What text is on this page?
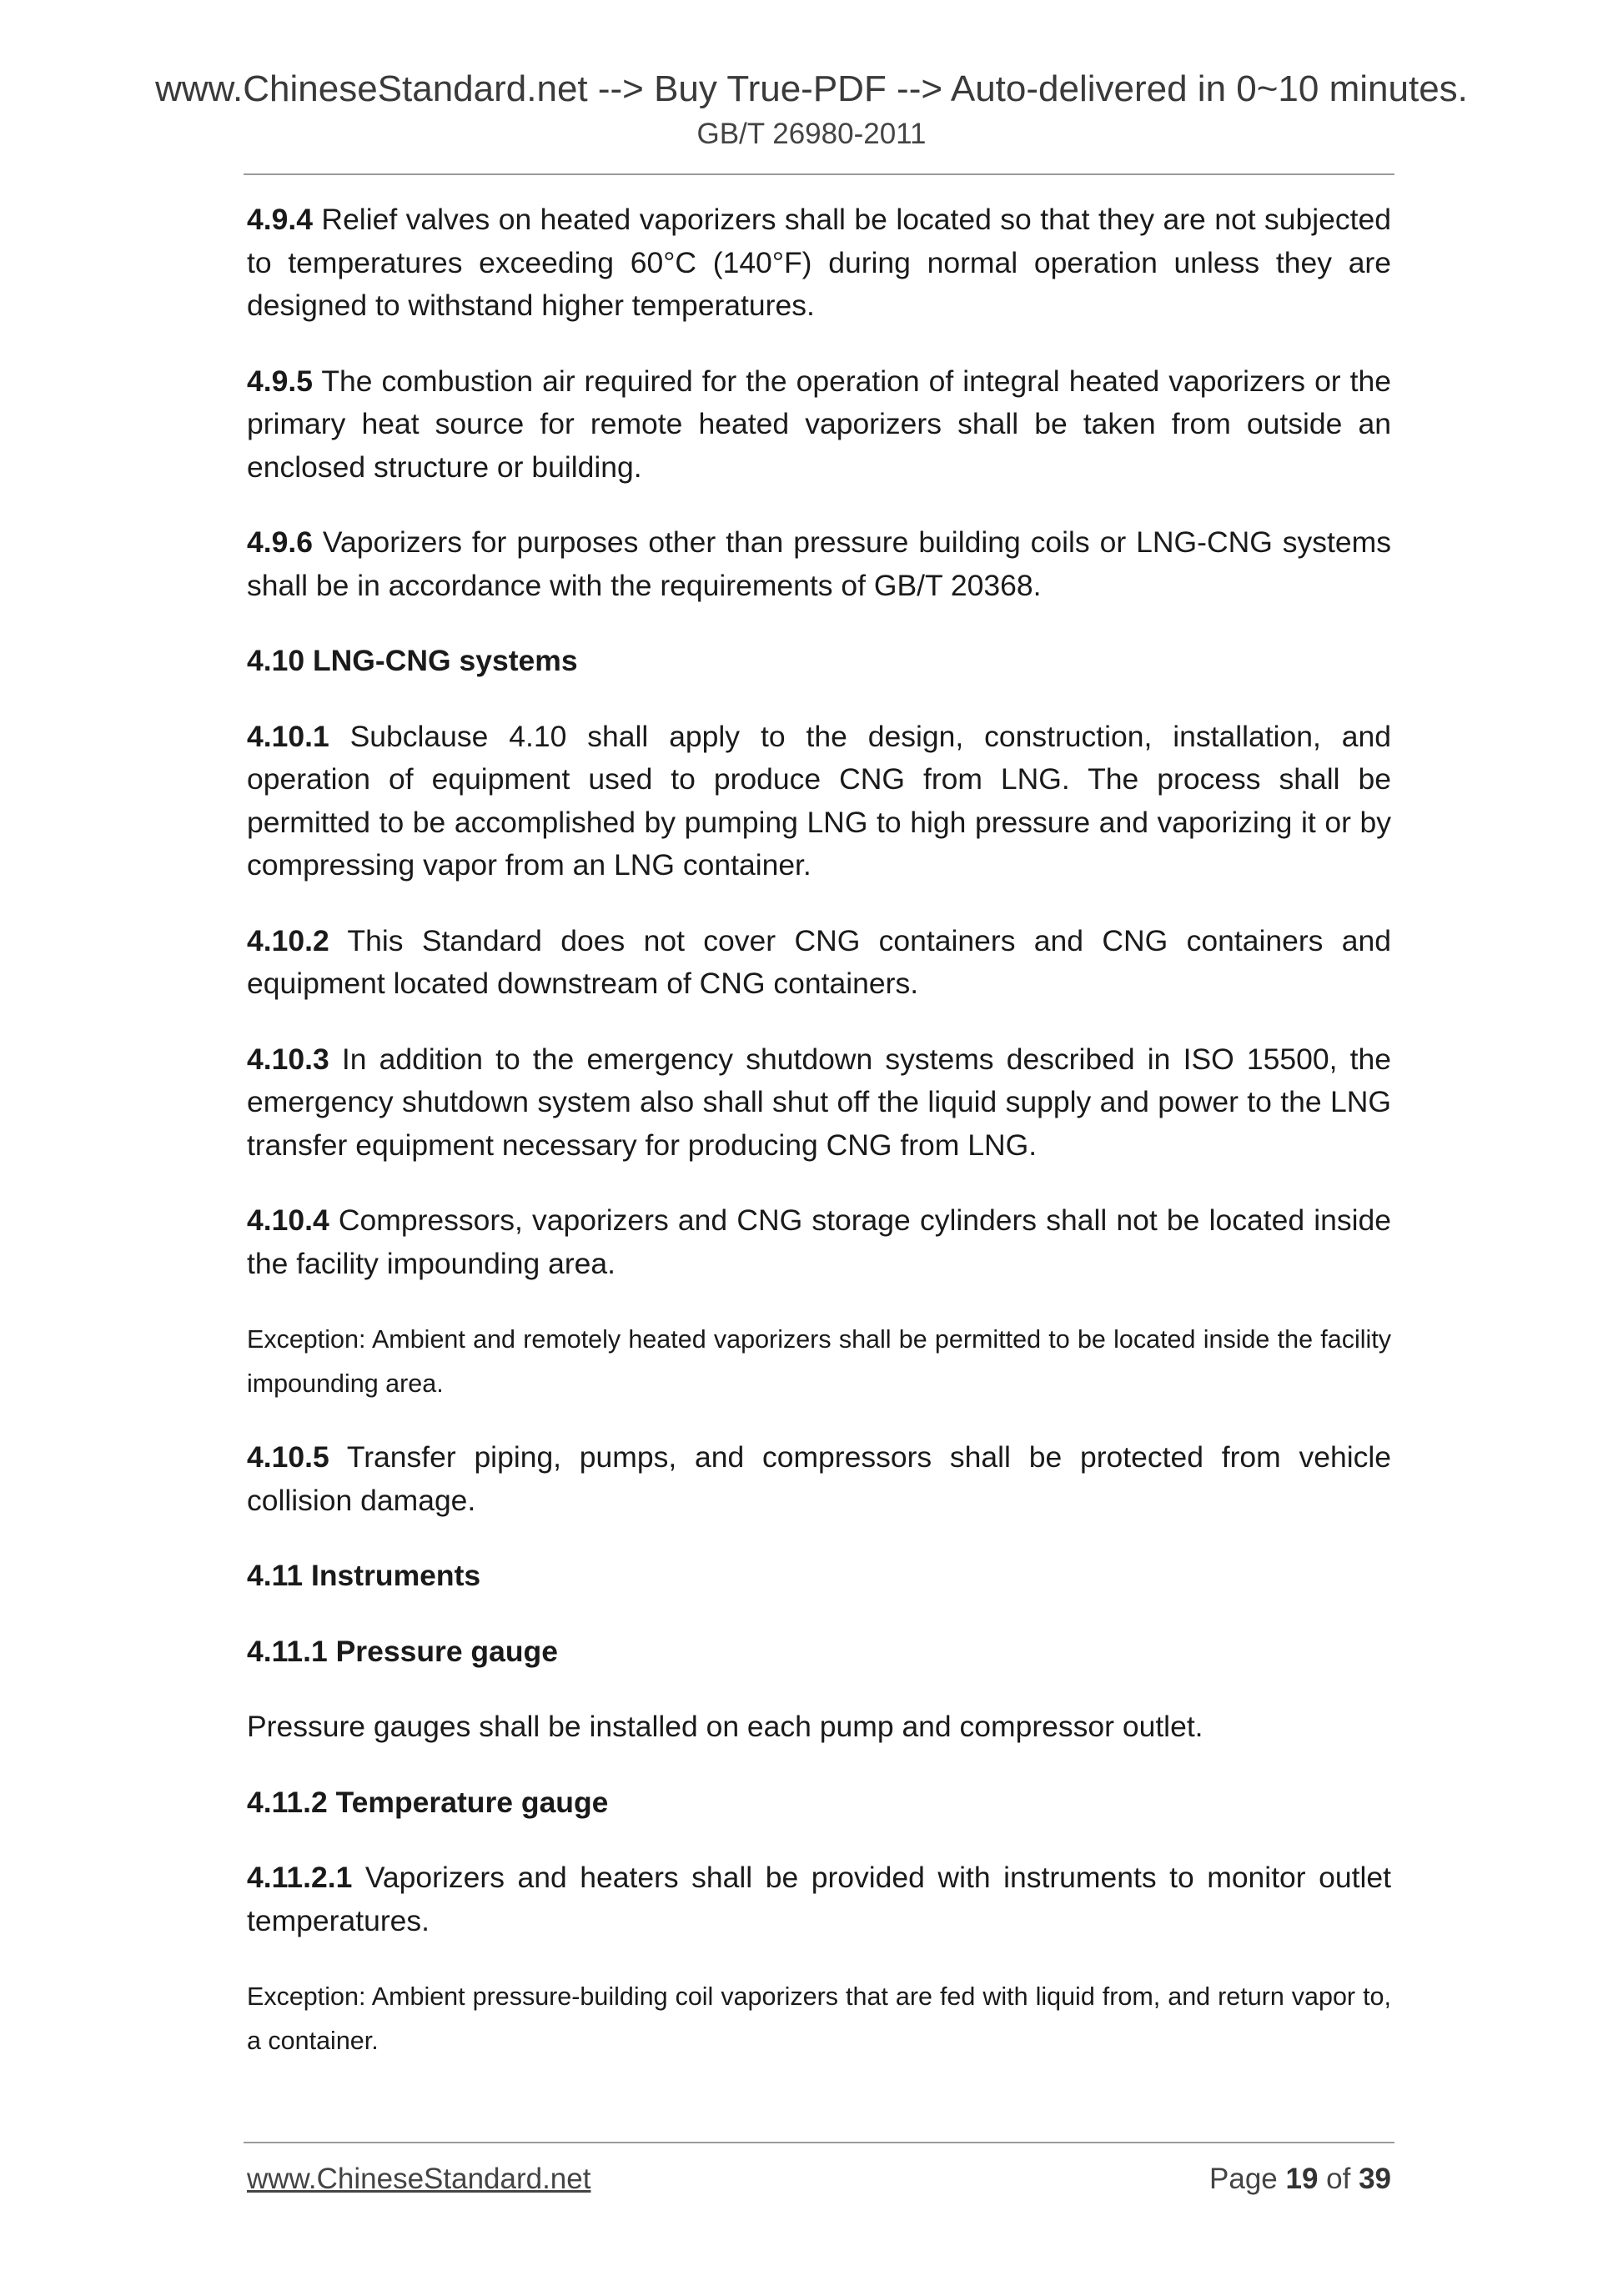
www.ChineseStandard.net --> Buy True-PDF --> Auto-delivered in 0~10 minutes.
GB/T 26980-2011

4.9.4 Relief valves on heated vaporizers shall be located so that they are not subjected to temperatures exceeding 60°C (140°F) during normal operation unless they are designed to withstand higher temperatures.

4.9.5 The combustion air required for the operation of integral heated vaporizers or the primary heat source for remote heated vaporizers shall be taken from outside an enclosed structure or building.

4.9.6 Vaporizers for purposes other than pressure building coils or LNG-CNG systems shall be in accordance with the requirements of GB/T 20368.

4.10 LNG-CNG systems

4.10.1 Subclause 4.10 shall apply to the design, construction, installation, and operation of equipment used to produce CNG from LNG. The process shall be permitted to be accomplished by pumping LNG to high pressure and vaporizing it or by compressing vapor from an LNG container.

4.10.2 This Standard does not cover CNG containers and CNG containers and equipment located downstream of CNG containers.

4.10.3 In addition to the emergency shutdown systems described in ISO 15500, the emergency shutdown system also shall shut off the liquid supply and power to the LNG transfer equipment necessary for producing CNG from LNG.

4.10.4 Compressors, vaporizers and CNG storage cylinders shall not be located inside the facility impounding area.

Exception: Ambient and remotely heated vaporizers shall be permitted to be located inside the facility impounding area.

4.10.5 Transfer piping, pumps, and compressors shall be protected from vehicle collision damage.

4.11 Instruments

4.11.1 Pressure gauge

Pressure gauges shall be installed on each pump and compressor outlet.

4.11.2 Temperature gauge

4.11.2.1 Vaporizers and heaters shall be provided with instruments to monitor outlet temperatures.

Exception: Ambient pressure-building coil vaporizers that are fed with liquid from, and return vapor to, a container.

www.ChineseStandard.net	Page 19 of 39
